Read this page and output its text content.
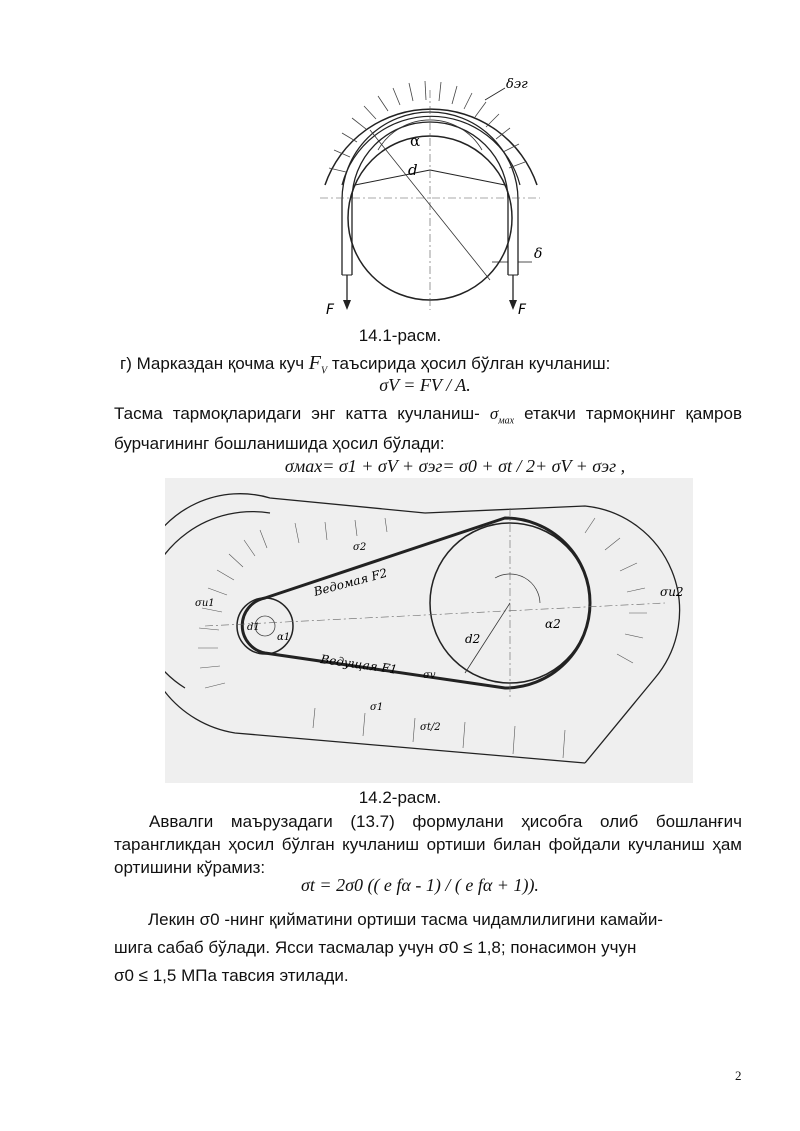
δэг
α
d
δ
F	F
14.1-расм.
г) Марказдан қочма куч $F_V$ таъсирида ҳосил бўлган кучланиш:
σV = FV / A.
Тасма тармоқларидаги энг катта кучланиш- $\sigma_{мах}$ етакчи тармоқнинг қамров бурчагининг бошланишида ҳосил бўлади:
σмах= σ1 + σV + σэг= σ0 + σt / 2+ σV + σэг ,
Ведомая F2
Ведущая F1
d2
d1
α1
α2
σи1
σи2
σv
σ2
σ1
σt/2
14.2-расм.
Аввалги маърузадаги (13.7) формулани ҳисобга олиб бошланғич тарангликдан ҳосил бўлган кучланиш ортиши билан фойдали кучланиш ҳам ортишини кўрамиз:
σt = 2σ0 (( e fα - 1) / ( e fα + 1)).
Лекин σ0 -нинг қийматини ортиши тасма чидамлилигини камайи-
шига сабаб бўлади. Ясси тасмалар учун σ0 ≤ 1,8; понасимон учун
σ0 ≤ 1,5 МПа тавсия этилади.
2
